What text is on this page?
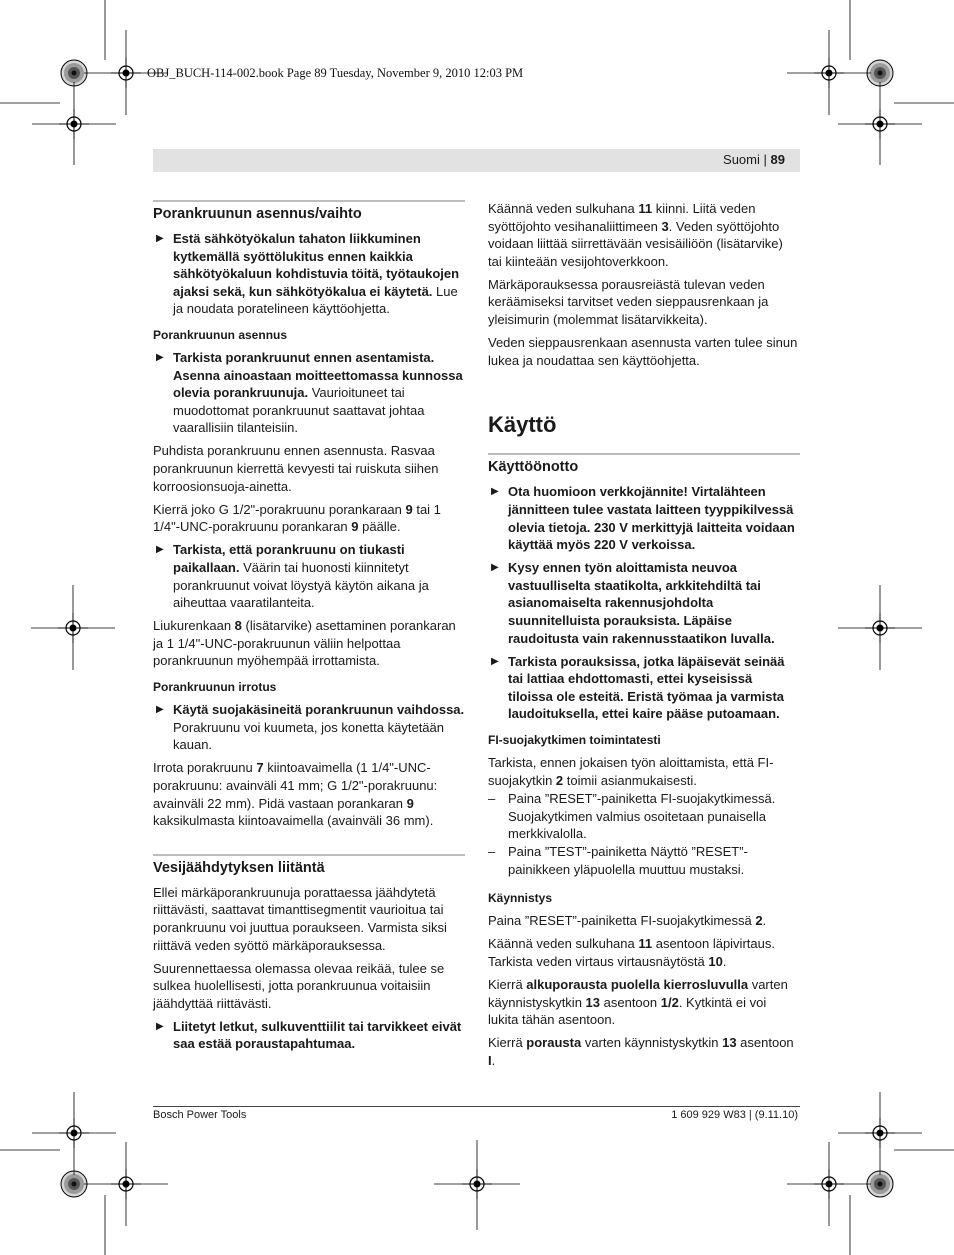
OBJ_BUCH-114-002.book Page 89 Tuesday, November 9, 2010 12:03 PM
Suomi | 89
Porankruunun asennus/vaihto
▶ Estä sähkötyökalun tahaton liikkuminen kytkemällä syöttölukitus ennen kaikkia sähkötyökaluun kohdistuvia töitä, työtaukojen ajaksi sekä, kun sähkötyökalua ei käytetä. Lue ja noudata poratelineen käyttöohjetta.
Porankruunun asennus
▶ Tarkista porankruunut ennen asentamista. Asenna ainoastaan moitteettomassa kunnossa olevia porankruunuja. Vaurioituneet tai muodottomat porankruunut saattavat johtaa vaarallisiin tilanteisiin.

Puhdista porankruunu ennen asennusta. Rasvaa porankruunun kierrettä kevyesti tai ruiskuta siihen korroosionsuoja-ainetta.

Kierrä joko G 1/2"-porakruunu porankaraan 9 tai 1 1/4"-UNC-porakruunu porankaran 9 päälle.

▶ Tarkista, että porankruunu on tiukasti paikallaan. Väärin tai huonosti kiinnitetyt porankruunut voivat löystyä käytön aikana ja aiheuttaa vaaratilanteita.

Liukurenkaan 8 (lisätarvike) asettaminen porankaran ja 1 1/4"-UNC-porakruunun väliin helpottaa porankruunun myöhempää irrottamista.

Porankruunun irrotus
▶ Käytä suojakäsineitä porankruunun vaihdossa. Porakruunu voi kuumeta, jos konetta käytetään kauan.

Irrota porakruunu 7 kiintoavaimella (1 1/4"-UNC-porakruunu: avainväli 41 mm; G 1/2"-porakruunu: avainväli 22 mm). Pidä vastaan porankaran 9 kaksikulmasta kiintoavaimella (avainväli 36 mm).

Vesijäähdytyksen liitäntä

Ellei märkäporankruunuja porattaessa jäähdytetä riittävästi, saattavat timanttisegmentit vaurioitua tai porankruunu voi juuttua poraukseen. Varmista siksi riittävä veden syöttö märkäporauksessa.

Suurennettaessa olemassa olevaa reikää, tulee se sulkea huolellisesti, jotta porankruunua voitaisiin jäähdyttää riittävästi.

▶ Liitetyt letkut, sulkuventtiilit tai tarvikkeet eivät saa estää poraustapahtumaa.

Käännä veden sulkuhana 11 kiinni. Liitä veden syöttöjohto vesihanaliittimeen 3. Veden syöttöjohto voidaan liittää siirrettävään vesisäiliöön (lisätarvike) tai kiinteään vesijohtoverkkoon.

Märkäporauksessa porausreiästä tulevan veden keräämiseksi tarvitset veden sieppausrenkaan ja yleisimurin (molemmat lisätarvikkeita).

Veden sieppausrenkaan asennusta varten tulee sinun lukea ja noudattaa sen käyttöohjetta.

Käyttö
Käyttöönotto
▶ Ota huomioon verkkojännite! Virtalähteen jännitteen tulee vastata laitteen tyyppikilvessä olevia tietoja. 230 V merkittyjä laitteita voidaan käyttää myös 220 V verkoissa.
▶ Kysy ennen työn aloittamista neuvoa vastuulliselta staatikolta, arkkitehdiltä tai asianomaiselta rakennusjohdolta suunnitelluista porauksista. Läpäise raudoitusta vain rakennusstaatikon luvalla.
▶ Tarkista porauksissa, jotka läpäisevät seinää tai lattiaa ehdottomasti, ettei kyseisissä tiloissa ole esteitä. Eristä työmaa ja varmista laudoituksella, ettei kaire pääse putoamaan.
FI-suojakytkimen toimintatesti

Tarkista, ennen jokaisen työn aloittamista, että FI-suojakytkin 2 toimii asianmukaisesti.

– Paina ”RESET”-painiketta FI-suojakytkimessä. Suojakytkimen valmius osoitetaan punaisella merkkivalolla.
– Paina ”TEST”-painiketta Näyttö ”RESET”-painikkeen yläpuolella muuttuu mustaksi.
Käynnistys

Paina ”RESET”-painiketta FI-suojakytkimessä 2.

Käännä veden sulkuhana 11 asentoon läpivirtaus. Tarkista veden virtaus virtausnäytöstä 10.

Kierrä alkuporausta puolella kierrosluvulla varten käynnistyskytkin 13 asentoon 1/2. Kytkintä ei voi lukita tähän asentoon.

Kierrä porausta varten käynnistyskytkin 13 asentoon I.

Bosch Power Tools	1 609 929 W83 | (9.11.10)
